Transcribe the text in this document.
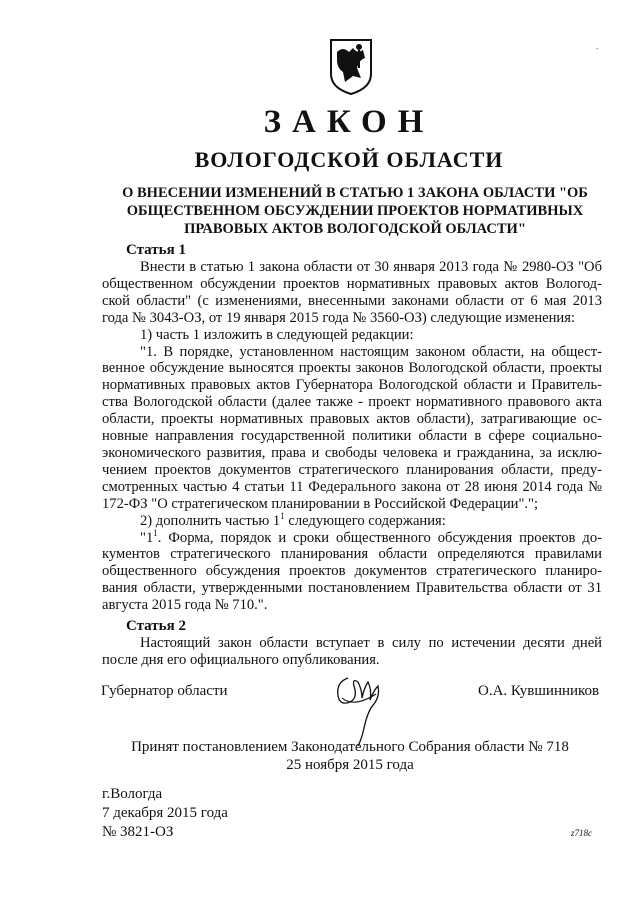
-
ЗАКОН
ВОЛОГОДСКОЙ ОБЛАСТИ
О ВНЕСЕНИИ ИЗМЕНЕНИЙ В СТАТЬЮ 1 ЗАКОНА ОБЛАСТИ "ОБ ОБЩЕСТВЕННОМ ОБСУЖДЕНИИ ПРОЕКТОВ НОРМАТИВНЫХ ПРАВОВЫХ АКТОВ ВОЛОГОДСКОЙ ОБЛАСТИ"
Статья 1

Внести в статью 1 закона области от 30 января 2013 года № 2980-ОЗ "Об общественном обсуждении проектов нормативных правовых актов Вологодской области" (с изменениями, внесенными законами области от 6 мая 2013 года № 3043-ОЗ, от 19 января 2015 года № 3560-ОЗ) следующие изменения:

1) часть 1 изложить в следующей редакции:

"1. В порядке, установленном настоящим законом области, на общественное обсуждение выносятся проекты законов Вологодской области, проекты нормативных правовых актов Губернатора Вологодской области и Правительства Вологодской области (далее также - проект нормативного правового акта области, проекты нормативных правовых актов области), затрагивающие основные направления государственной политики области в сфере социально-экономического развития, права и свободы человека и гражданина, за исключением проектов документов стратегического планирования области, предусмотренных частью 4 статьи 11 Федерального закона от 28 июня 2014 года № 172-ФЗ "О стратегическом планировании в Российской Федерации".";

2) дополнить частью $1^1$ следующего содержания:

"$1^1$. Форма, порядок и сроки общественного обсуждения проектов документов стратегического планирования области определяются правилами общественного обсуждения проектов документов стратегического планирования области, утвержденными постановлением Правительства области от 31 августа 2015 года № 710.".

Статья 2

Настоящий закон области вступает в силу по истечении десяти дней после дня его официального опубликования.

Губернатор области	О.А. Кувшинников
Принят постановлением Законодательного Собрания области № 718
25 ноября 2015 года
г.Вологда
7 декабря 2015 года
№ 3821-ОЗ	z718c
